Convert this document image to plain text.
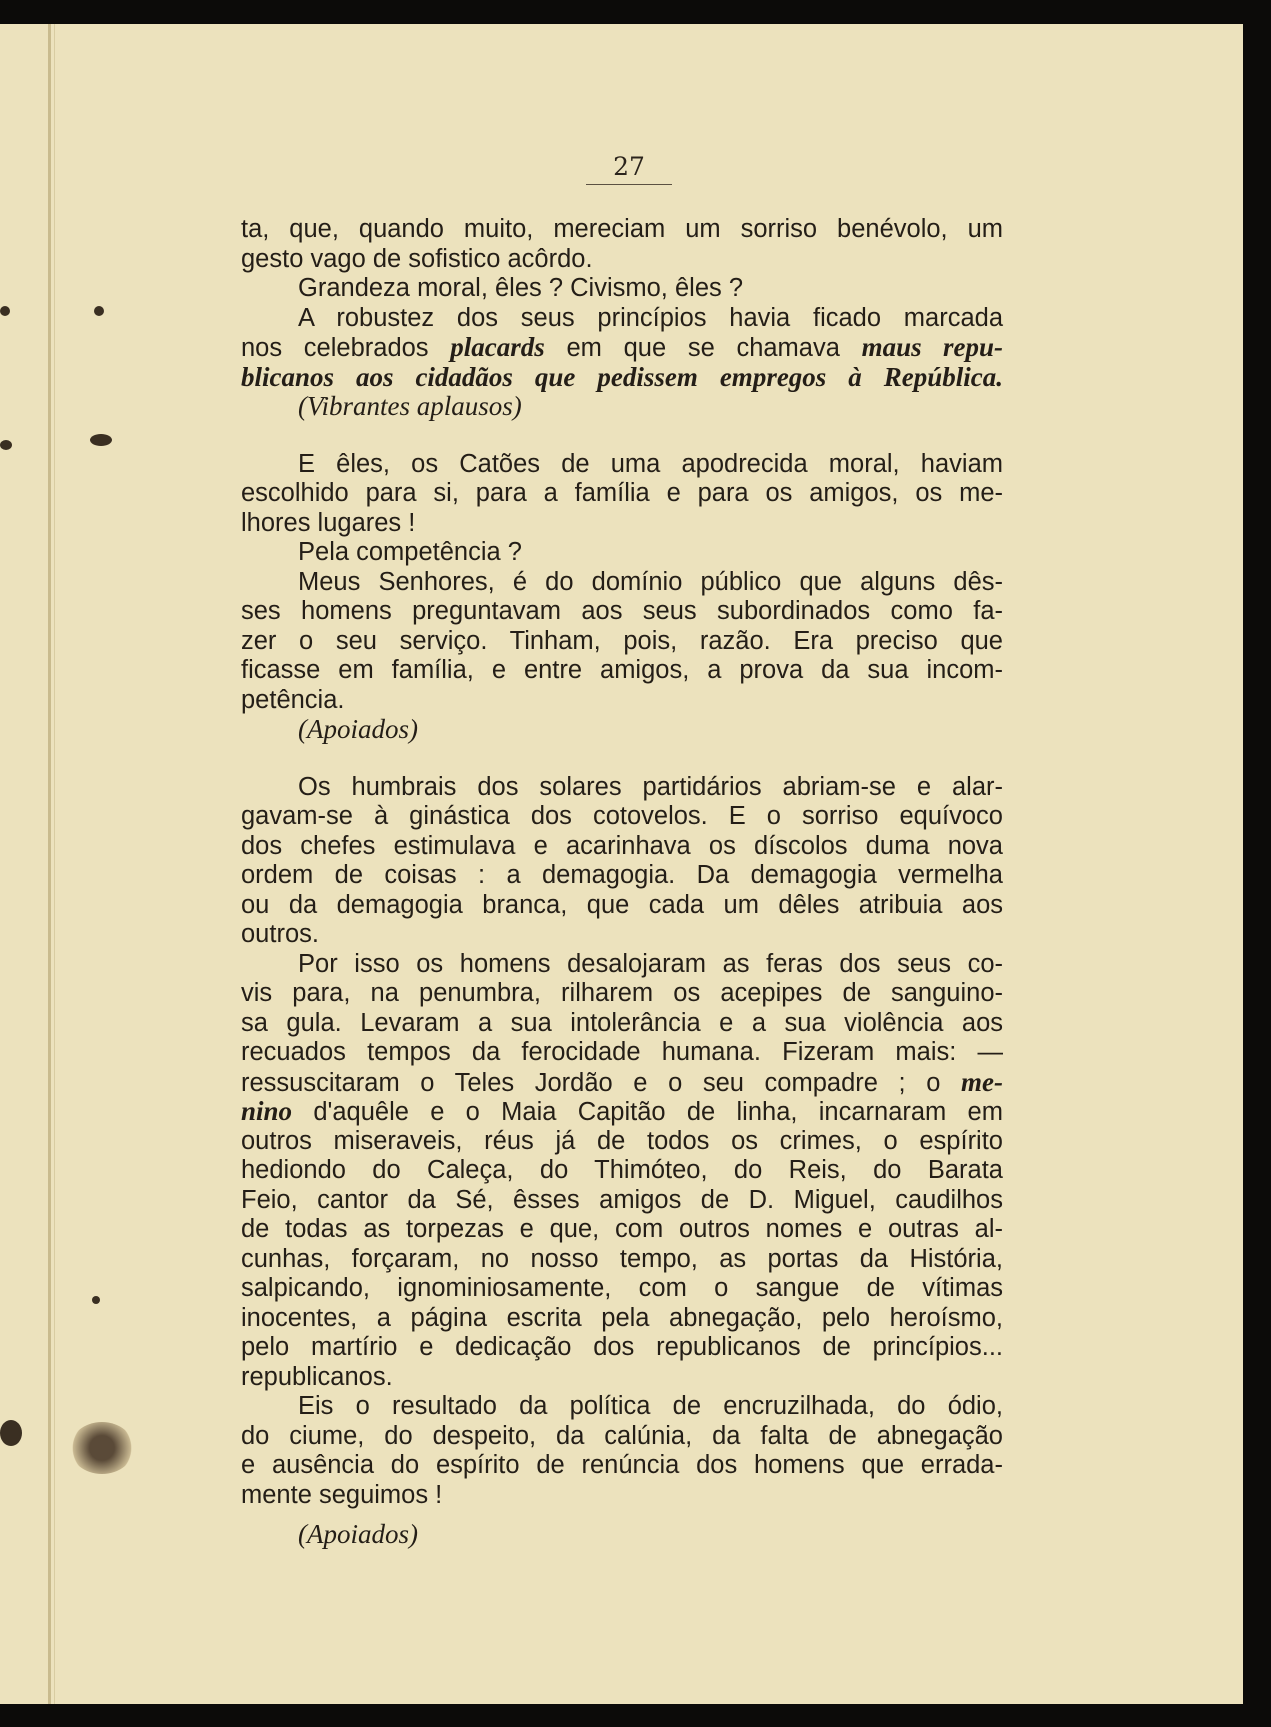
27
ta, que, quando muito, mereciam um sorriso benévolo, um
gesto vago de sofistico acôrdo.
Grandeza moral, êles ? Civismo, êles ?
A robustez dos seus princípios havia ficado marcada
nos celebrados placards em que se chamava maus repu-
blicanos aos cidadãos que pedissem empregos à República.
(Vibrantes aplausos)
E êles, os Catões de uma apodrecida moral, haviam
escolhido para si, para a família e para os amigos, os me-
lhores lugares !
Pela competência ?
Meus Senhores, é do domínio público que alguns dês-
ses homens preguntavam aos seus subordinados como fa-
zer o seu serviço. Tinham, pois, razão. Era preciso que
ficasse em família, e entre amigos, a prova da sua incom-
petência.
(Apoiados)
Os humbrais dos solares partidários abriam-se e alar-
gavam-se à ginástica dos cotovelos. E o sorriso equívoco
dos chefes estimulava e acarinhava os díscolos duma nova
ordem de coisas : a demagogia. Da demagogia vermelha
ou da demagogia branca, que cada um dêles atribuia aos
outros.
Por isso os homens desalojaram as feras dos seus co-
vis para, na penumbra, rilharem os acepipes de sanguino-
sa gula. Levaram a sua intolerância e a sua violência aos
recuados tempos da ferocidade humana. Fizeram mais: —
ressuscitaram o Teles Jordão e o seu compadre ; o me-
nino d'aquêle e o Maia Capitão de linha, incarnaram em
outros miseraveis, réus já de todos os crimes, o espírito
hediondo do Caleça, do Thimóteo, do Reis, do Barata
Feio, cantor da Sé, êsses amigos de D. Miguel, caudilhos
de todas as torpezas e que, com outros nomes e outras al-
cunhas, forçaram, no nosso tempo, as portas da História,
salpicando, ignominiosamente, com o sangue de vítimas
inocentes, a página escrita pela abnegação, pelo heroísmo,
pelo martírio e dedicação dos republicanos de princípios...
republicanos.
Eis o resultado da política de encruzilhada, do ódio,
do ciume, do despeito, da calúnia, da falta de abnegação
e ausência do espírito de renúncia dos homens que errada-
mente seguimos !
(Apoiados)
